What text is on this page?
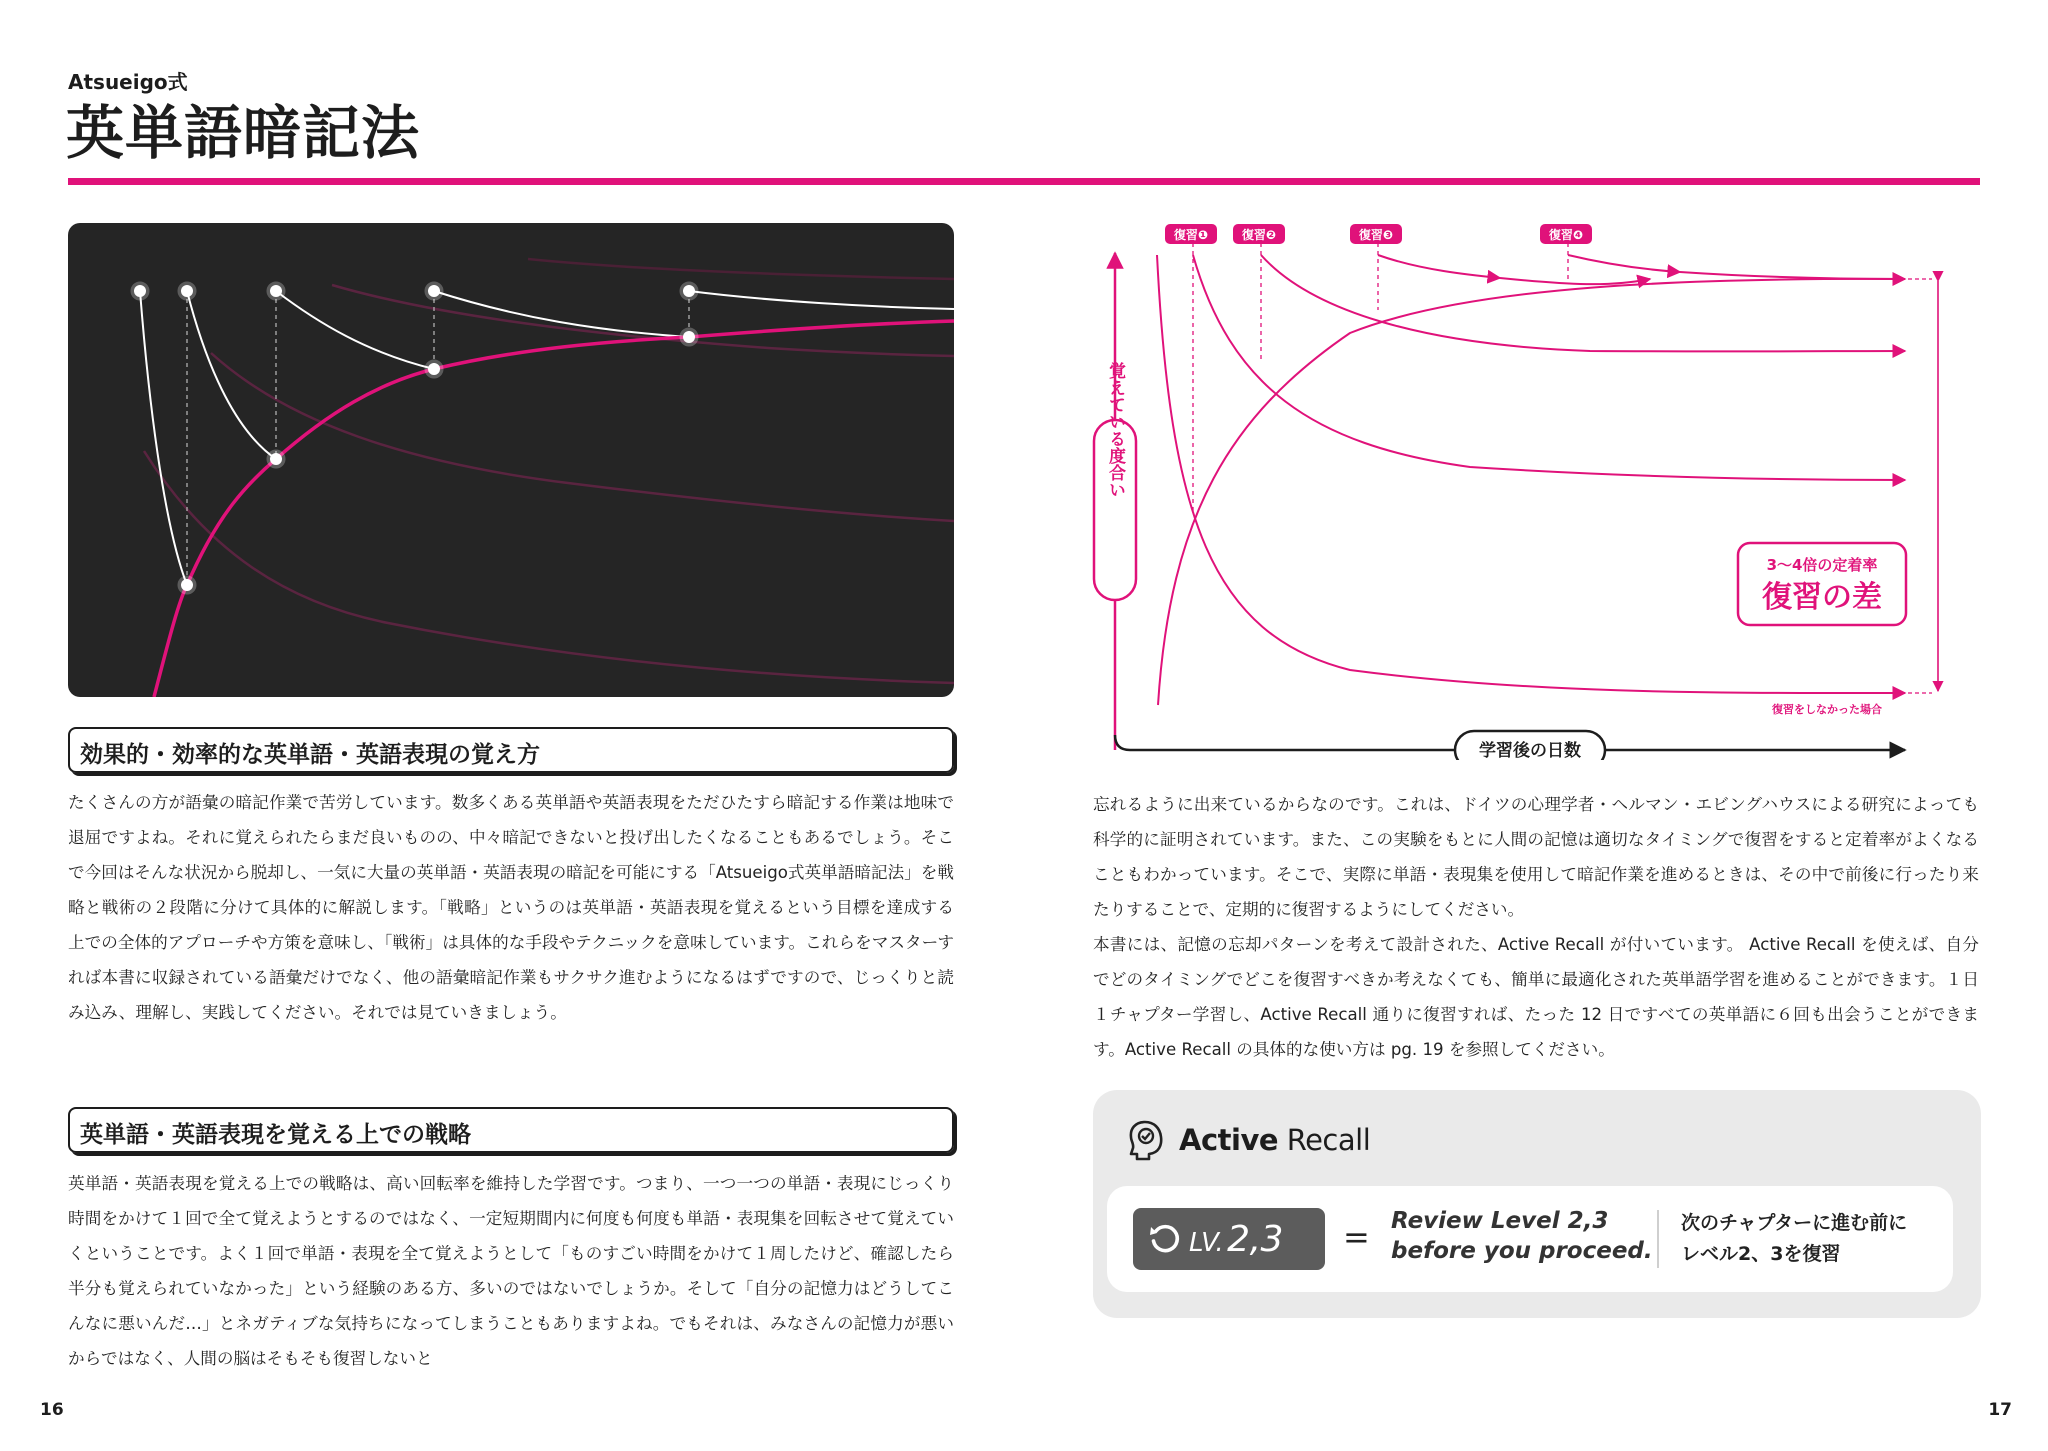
Atsueigo式
英単語暗記法
効果的・効率的な英単語・英語表現の覚え方
たくさんの方が語彙の暗記作業で苦労しています。数多くある英単語や英語表現をただひたすら暗記する作業は地味で退屈ですよね。それに覚えられたらまだ良いものの、中々暗記できないと投げ出したくなることもあるでしょう。そこで今回はそんな状況から脱却し、一気に大量の英単語・英語表現の暗記を可能にする「Atsueigo式英単語暗記法」を戦略と戦術の２段階に分けて具体的に解説します。「戦略」というのは英単語・英語表現を覚えるという目標を達成する上での全体的アプローチや方策を意味し、「戦術」は具体的な手段やテクニックを意味しています。これらをマスターすれば本書に収録されている語彙だけでなく、他の語彙暗記作業もサクサク進むようになるはずですので、じっくりと読み込み、理解し、実践してください。それでは見ていきましょう。
英単語・英語表現を覚える上での戦略
英単語・英語表現を覚える上での戦略は、高い回転率を維持した学習です。つまり、一つ一つの単語・表現にじっくり時間をかけて１回で全て覚えようとするのではなく、一定短期間内に何度も何度も単語・表現集を回転させて覚えていくということです。よく１回で単語・表現を全て覚えようとして「ものすごい時間をかけて１周したけど、確認したら半分も覚えられていなかった」という経験のある方、多いのではないでしょうか。そして「自分の記憶力はどうしてこんなに悪いんだ…」とネガティブな気持ちになってしまうこともありますよね。でもそれは、みなさんの記憶力が悪いからではなく、人間の脳はそもそも復習しないと
復習❶	復習❷	復習❸	復習❹
覚えている度合い
学習後の日数
3〜4倍の定着率
復習の差
復習をしなかった場合
忘れるように出来ているからなのです。これは、ドイツの心理学者・ヘルマン・エビングハウスによる研究によっても科学的に証明されています。また、この実験をもとに人間の記憶は適切なタイミングで復習をすると定着率がよくなることもわかっています。そこで、実際に単語・表現集を使用して暗記作業を進めるときは、その中で前後に行ったり来たりすることで、定期的に復習するようにしてください。
本書には、記憶の忘却パターンを考えて設計された、Active Recall が付いています。 Active Recall を使えば、自分でどのタイミングでどこを復習すべきか考えなくても、簡単に最適化された英単語学習を進めることができます。１日１チャプター学習し、Active Recall 通りに復習すれば、たった 12 日ですべての英単語に６回も出会うことができます。Active Recall の具体的な使い方は pg. 19 を参照してください。
Active Recall
LV. 2,3 = Review Level 2,3
before you proceed.
次のチャプターに進む前に
レベル2、3を復習
16	17
